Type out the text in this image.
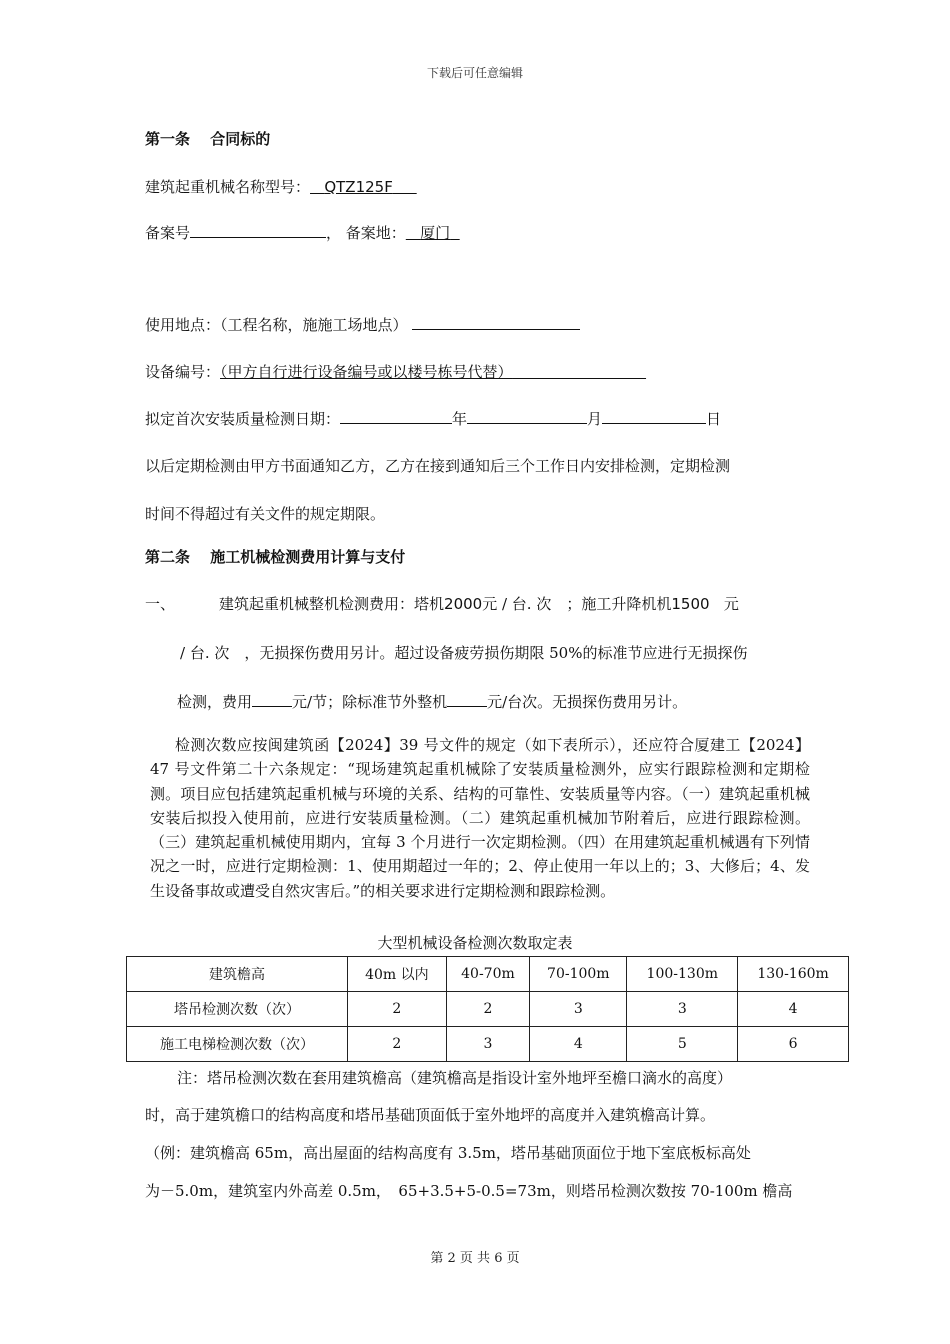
下载后可任意编辑
第一条　 合同标的
建筑起重机械名称型号： QTZ125F
备案号	， 备案地： 厦门
使用地点：（工程名称，施施工场地点）
设备编号：（甲方自行进行设备编号或以楼号栋号代替）
拟定首次安装质量检测日期：	年	月	日
以后定期检测由甲方书面通知乙方，乙方在接到通知后三个工作日内安排检测，定期检测
时间不得超过有关文件的规定期限。
第二条　 施工机械检测费用计算与支付
一、	建筑起重机械整机检测费用：塔机2000元 / 台. 次　；施工升降机机1500 元
/ 台. 次　，无损探伤费用另计。超过设备疲劳损伤期限 50%的标准节应进行无损探伤
检测，费用	元/节；除标准节外整机	元/台次。无损探伤费用另计。
检测次数应按闽建筑函【2024】39 号文件的规定（如下表所示），还应符合厦建工【2024】47 号文件第二十六条规定：“现场建筑起重机械除了安装质量检测外，应实行跟踪检测和定期检测。项目应包括建筑起重机械与环境的关系、结构的可靠性、安装质量等内容。（一）建筑起重机械安装后拟投入使用前，应进行安装质量检测。（二）建筑起重机械加节附着后，应进行跟踪检测。（三）建筑起重机械使用期内，宜每 3 个月进行一次定期检测。（四）在用建筑起重机械遇有下列情况之一时，应进行定期检测：1、使用期超过一年的；2、停止使用一年以上的；3、大修后；4、发生设备事故或遭受自然灾害后。”的相关要求进行定期检测和跟踪检测。
大型机械设备检测次数取定表
建筑檐高	40m 以内	40-70m	70-100m	100-130m	130-160m
塔吊检测次数（次）	2	2	3	3	4
施工电梯检测次数（次）	2	3	4	5	6
注：塔吊检测次数在套用建筑檐高（建筑檐高是指设计室外地坪至檐口滴水的高度）
时，高于建筑檐口的结构高度和塔吊基础顶面低于室外地坪的高度并入建筑檐高计算。
（例：建筑檐高 65m，高出屋面的结构高度有 3.5m，塔吊基础顶面位于地下室底板标高处
为－5.0m，建筑室内外高差 0.5m，　65+3.5+5-0.5=73m，则塔吊检测次数按 70-100m 檐高
第 2 页 共 6 页
